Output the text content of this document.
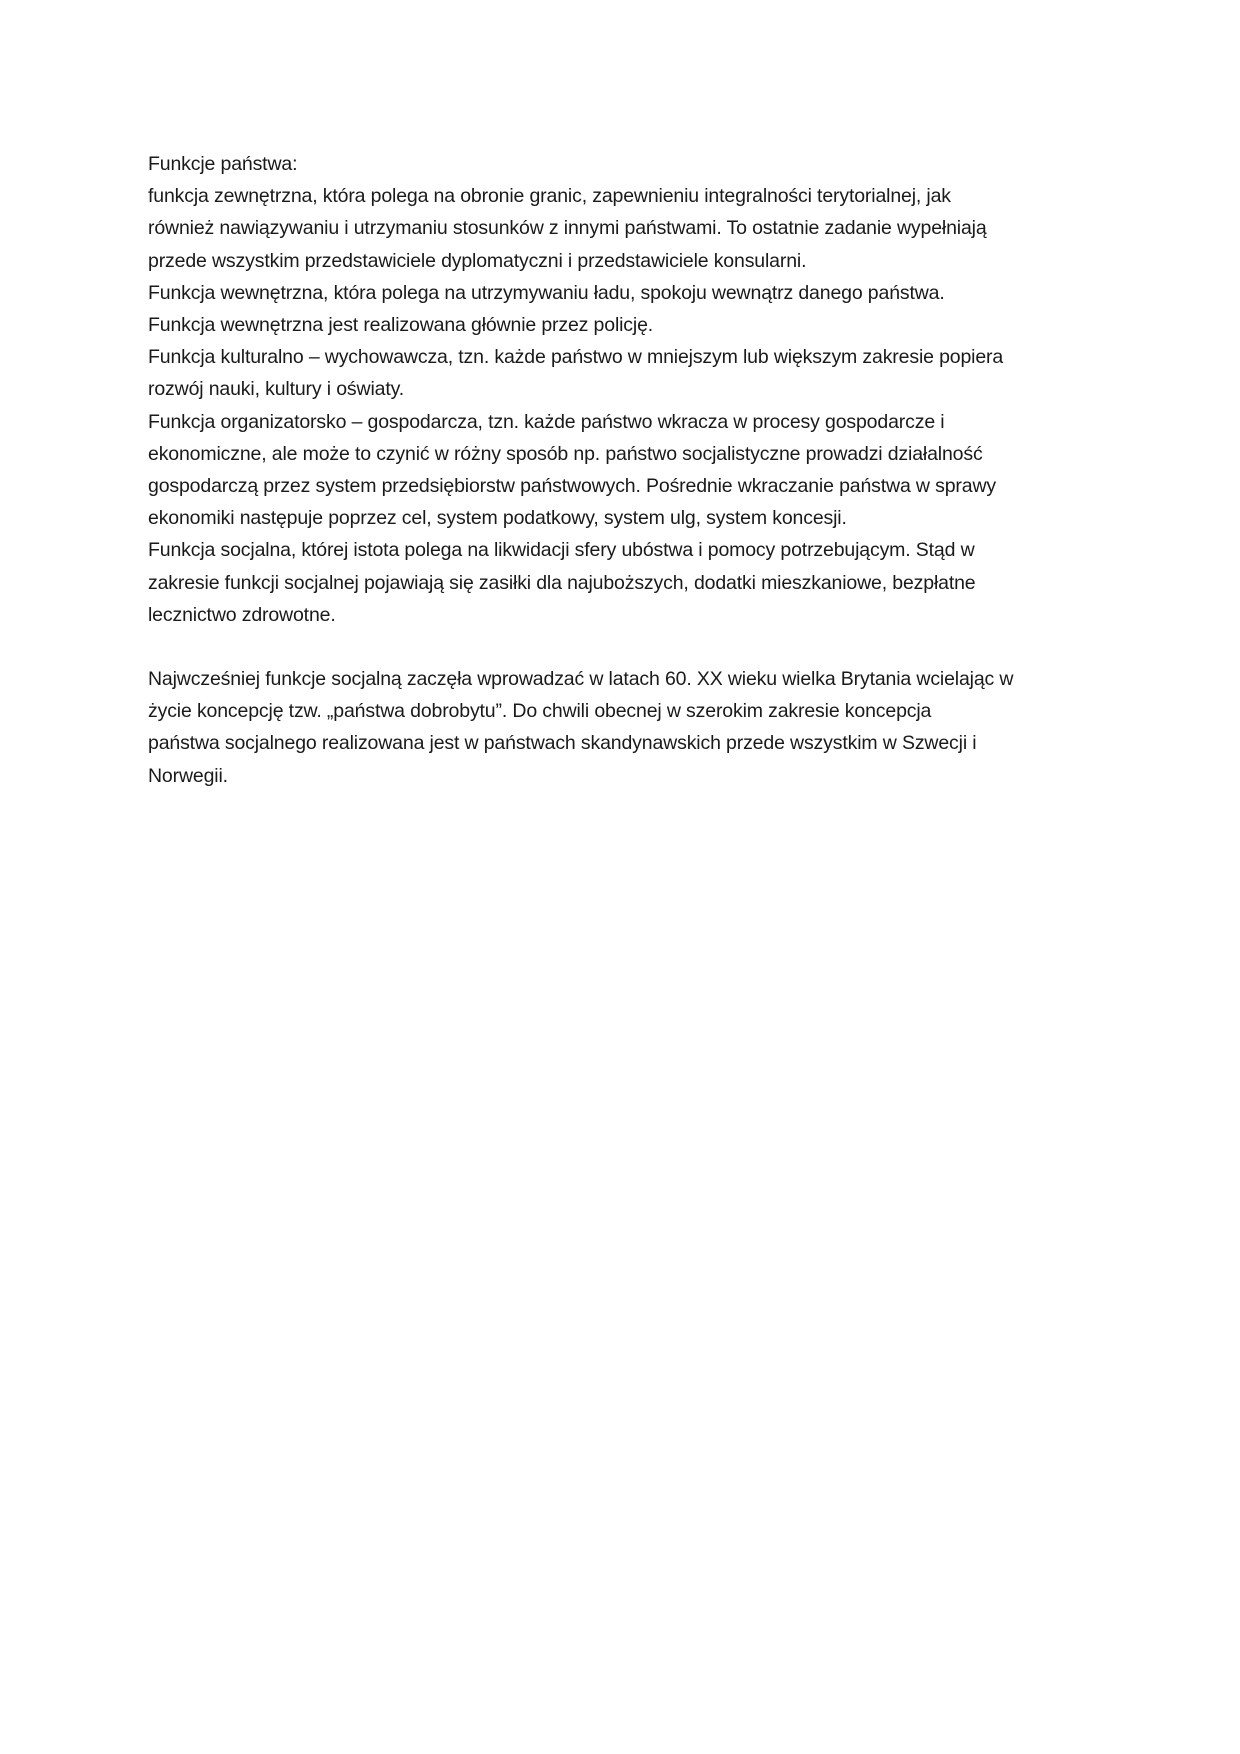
Funkcje państwa:

funkcja zewnętrzna, która polega na obronie granic, zapewnieniu integralności terytorialnej, jak
również nawiązywaniu i utrzymaniu stosunków z innymi państwami. To ostatnie zadanie wypełniają
przede wszystkim przedstawiciele dyplomatyczni i przedstawiciele konsularni.

Funkcja wewnętrzna, która polega na utrzymywaniu ładu, spokoju wewnątrz danego państwa.
Funkcja wewnętrzna jest realizowana głównie przez policję.

Funkcja kulturalno – wychowawcza, tzn. każde państwo w mniejszym lub większym zakresie popiera
rozwój nauki, kultury i oświaty.

Funkcja organizatorsko – gospodarcza, tzn. każde państwo wkracza w procesy gospodarcze i
ekonomiczne, ale może to czynić w różny sposób np. państwo socjalistyczne prowadzi działalność
gospodarczą przez system przedsiębiorstw państwowych. Pośrednie wkraczanie państwa w sprawy
ekonomiki następuje poprzez cel, system podatkowy, system ulg, system koncesji.

Funkcja socjalna, której istota polega na likwidacji sfery ubóstwa i pomocy potrzebującym. Stąd w
zakresie funkcji socjalnej pojawiają się zasiłki dla najuboższych, dodatki mieszkaniowe, bezpłatne
lecznictwo zdrowotne.

Najwcześniej funkcje socjalną zaczęła wprowadzać w latach 60. XX wieku wielka Brytania wcielając w
życie koncepcję tzw. „państwa dobrobytu”. Do chwili obecnej w szerokim zakresie koncepcja
państwa socjalnego realizowana jest w państwach skandynawskich przede wszystkim w Szwecji i
Norwegii.
